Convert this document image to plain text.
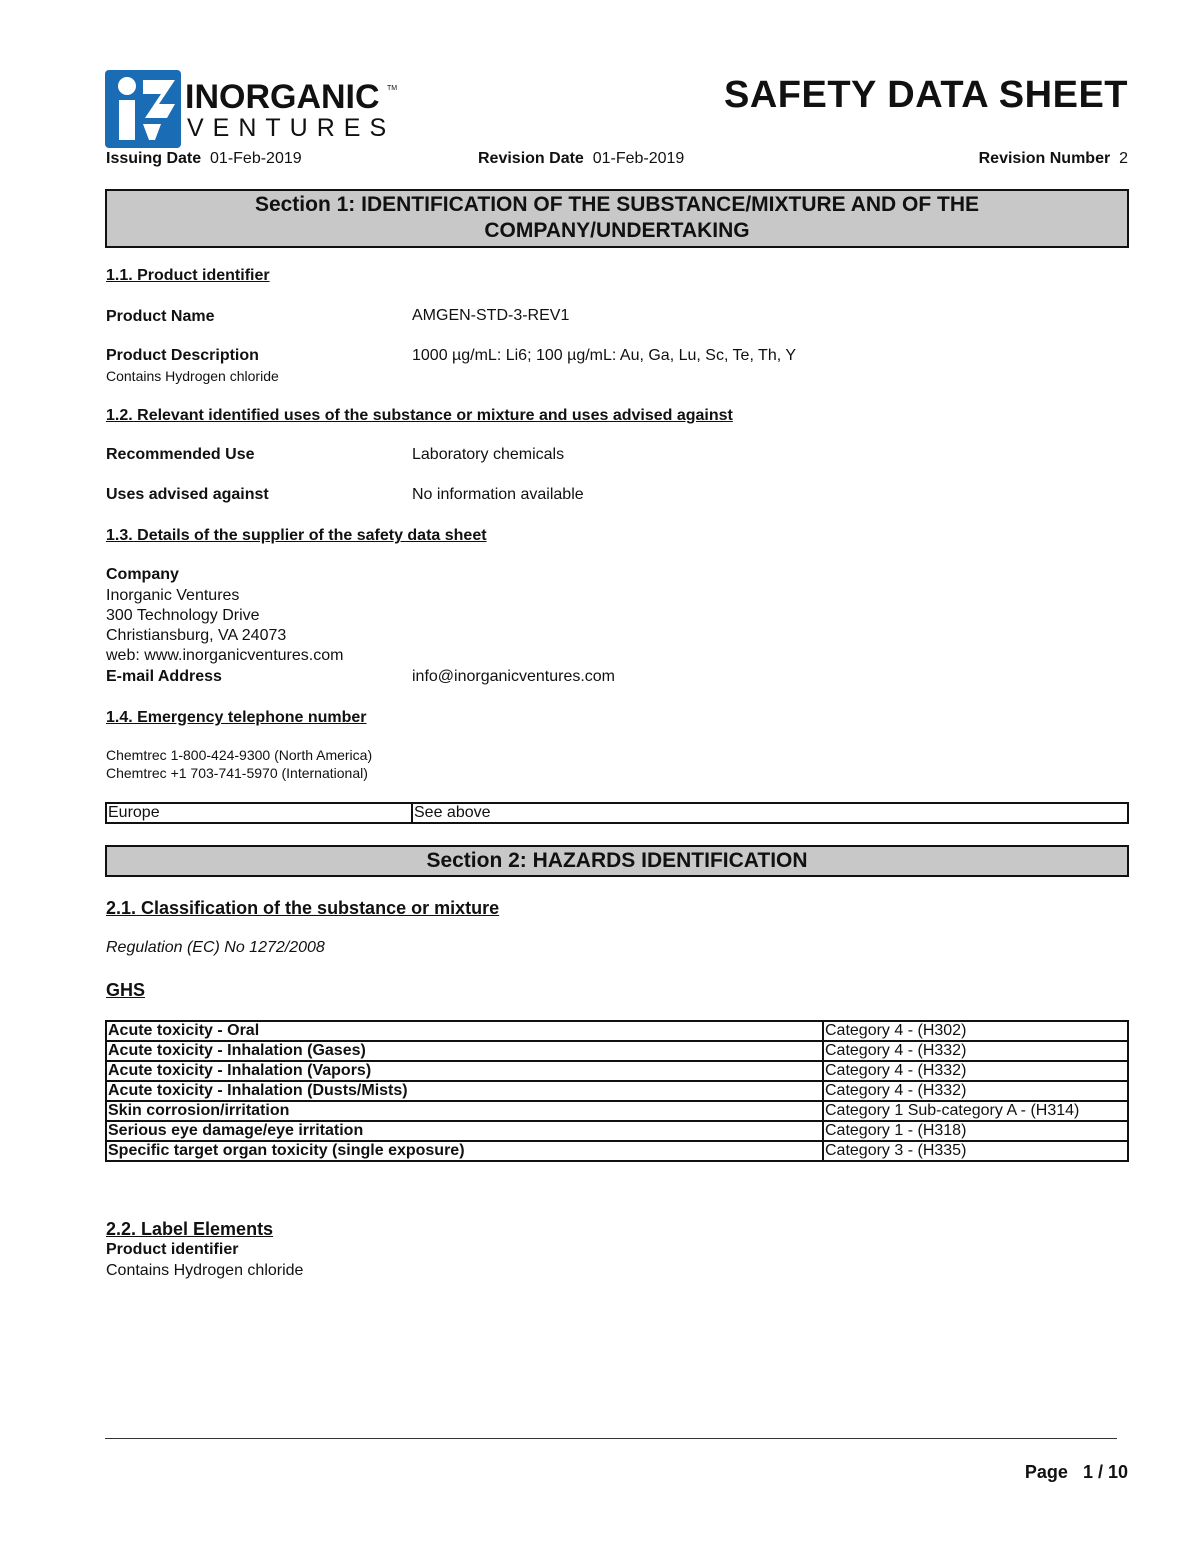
INORGANIC TM
VENTURES
SAFETY DATA SHEET
Issuing Date 01-Feb-2019	Revision Date 01-Feb-2019	Revision Number 2
Section 1: IDENTIFICATION OF THE SUBSTANCE/MIXTURE AND OF THE
COMPANY/UNDERTAKING
1.1. Product identifier
Product Name	AMGEN-STD-3-REV1
Product Description	1000 µg/mL: Li6; 100 µg/mL: Au, Ga, Lu, Sc, Te, Th, Y
Contains Hydrogen chloride
1.2. Relevant identified uses of the substance or mixture and uses advised against
Recommended Use	Laboratory chemicals
Uses advised against	No information available
1.3. Details of the supplier of the safety data sheet
Company
Inorganic Ventures
300 Technology Drive
Christiansburg, VA 24073
web: www.inorganicventures.com
E-mail Address	info@inorganicventures.com
1.4. Emergency telephone number
Chemtrec 1-800-424-9300 (North America)
Chemtrec +1 703-741-5970 (International)
Europe	See above
Section 2: HAZARDS IDENTIFICATION
2.1. Classification of the substance or mixture
Regulation (EC) No 1272/2008
GHS
Acute toxicity - Oral	Category 4 - (H302)
Acute toxicity - Inhalation (Gases)	Category 4 - (H332)
Acute toxicity - Inhalation (Vapors)	Category 4 - (H332)
Acute toxicity - Inhalation (Dusts/Mists)	Category 4 - (H332)
Skin corrosion/irritation	Category 1 Sub-category A - (H314)
Serious eye damage/eye irritation	Category 1 - (H318)
Specific target organ toxicity (single exposure)	Category 3 - (H335)
2.2. Label Elements
Product identifier
Contains Hydrogen chloride
Page 1 / 10
